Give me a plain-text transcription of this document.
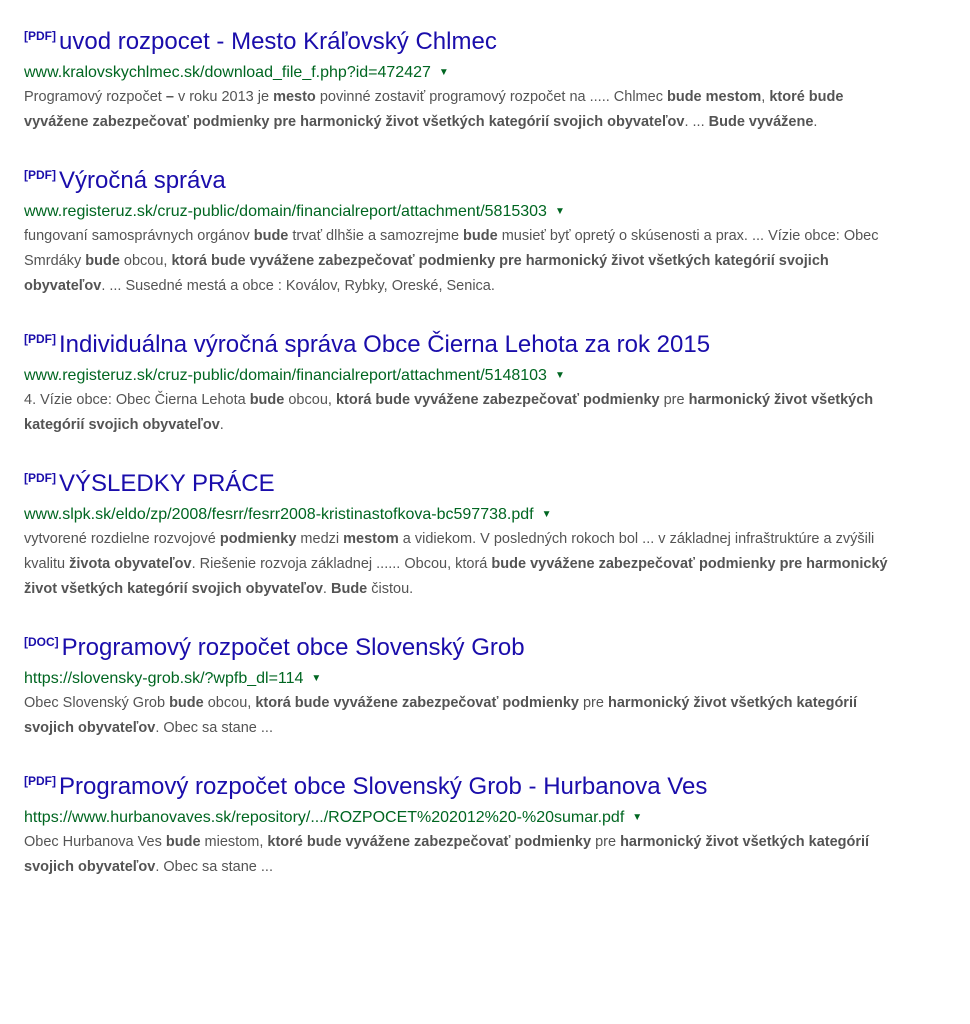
[PDF] uvod rozpocet - Mesto Kráľovský Chlmec
www.kralovskychlmec.sk/download_file_f.php?id=472427 ▼
Programový rozpočet – v roku 2013 je mesto povinné zostaviť programový rozpočet na ..... Chlmec bude mestom, ktoré bude vyvážene zabezpečovať podmienky pre harmonický život všetkých kategórií svojich obyvateľov. ... Bude vyvážene.
[PDF] Výročná správa
www.registeruz.sk/cruz-public/domain/financialreport/attachment/5815303 ▼
fungovaní samosprávnych orgánov bude trvať dlhšie a samozrejme bude musieť byť opretý o skúsenosti a prax. ... Vízie obce: Obec Smrdáky bude obcou, ktorá bude vyvážene zabezpečovať podmienky pre harmonický život všetkých kategórií svojich obyvateľov. ... Susedné mestá a obce : Koválov, Rybky, Oreské, Senica.
[PDF] Individuálna výročná správa Obce Čierna Lehota za rok 2015
www.registeruz.sk/cruz-public/domain/financialreport/attachment/5148103 ▼
4. Vízie obce: Obec Čierna Lehota bude obcou, ktorá bude vyvážene zabezpečovať podmienky pre harmonický život všetkých kategórií svojich obyvateľov.
[PDF] VÝSLEDKY PRÁCE
www.slpk.sk/eldo/zp/2008/fesrr/fesrr2008-kristinastofkova-bc597738.pdf ▼
vytvorené rozdielne rozvojové podmienky medzi mestom a vidiekom. V posledných rokoch bol ... v základnej infraštruktúre a zvýšili kvalitu života obyvateľov. Riešenie rozvoja základnej ...... Obcou, ktorá bude vyvážene zabezpečovať podmienky pre harmonický život všetkých kategórií svojich obyvateľov. Bude čistou.
[DOC] Programový rozpočet obce Slovenský Grob
https://slovensky-grob.sk/?wpfb_dl=114 ▼
Obec Slovenský Grob bude obcou, ktorá bude vyvážene zabezpečovať podmienky pre harmonický život všetkých kategórií svojich obyvateľov. Obec sa stane ...
[PDF] Programový rozpočet obce Slovenský Grob - Hurbanova Ves
https://www.hurbanovaves.sk/repository/.../ROZPOCET%202012%20-%20sumar.pdf ▼
Obec Hurbanova Ves bude miestom, ktoré bude vyvážene zabezpečovať podmienky pre harmonický život všetkých kategórií svojich obyvateľov. Obec sa stane ...
